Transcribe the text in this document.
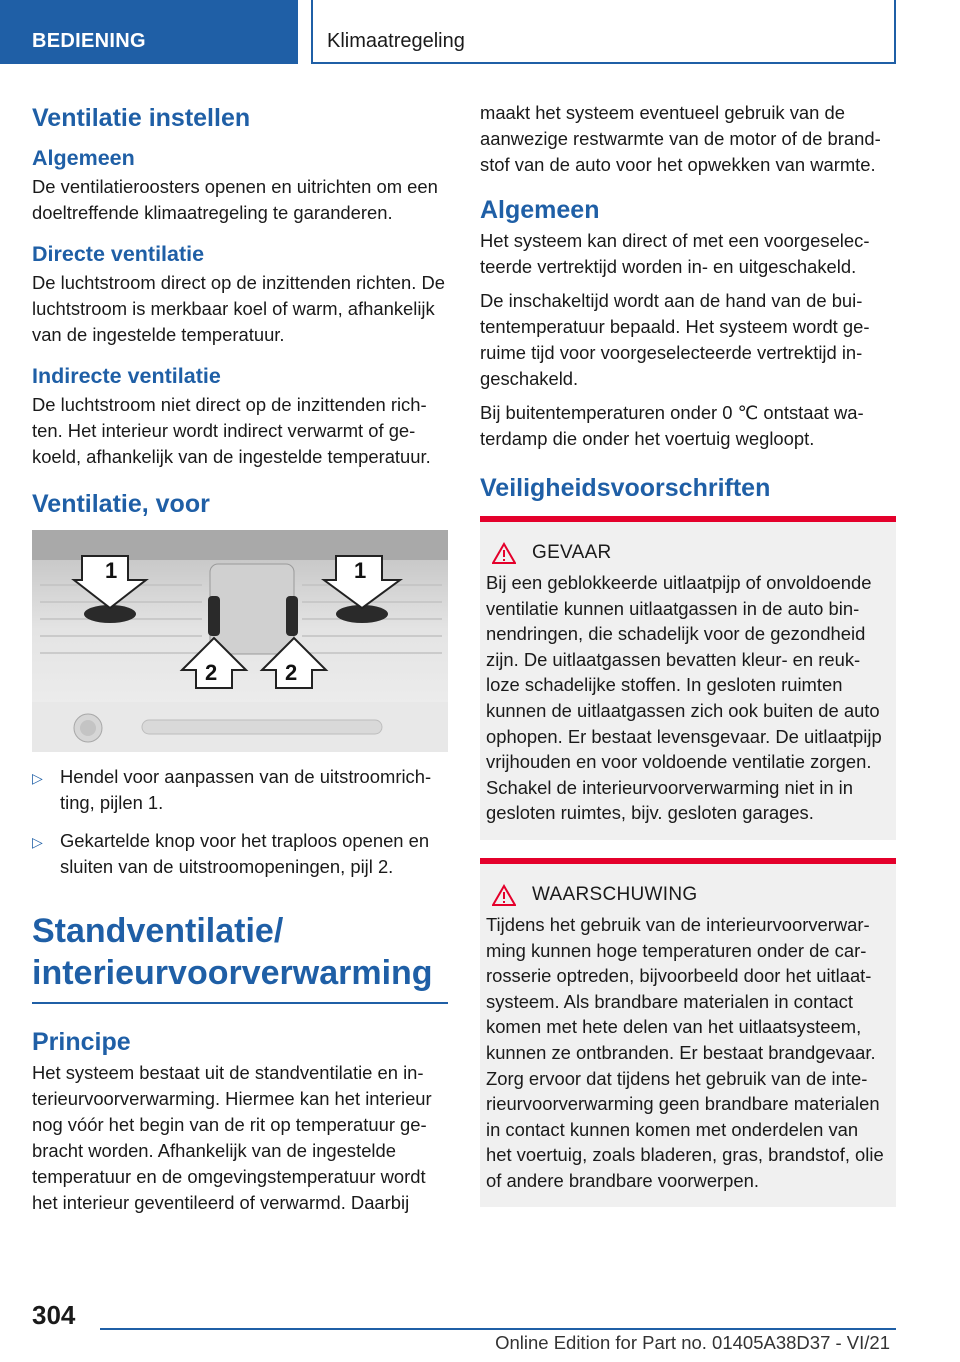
BEDIENING	Klimaatregeling
Ventilatie instellen
Algemeen

De ventilatieroosters openen en uitrichten om een doeltreffende klimaatregeling te garanderen.

Directe ventilatie

De luchtstroom direct op de inzittenden richten. De luchtstroom is merkbaar koel of warm, afhankelijk van de ingestelde temperatuur.

Indirecte ventilatie

De luchtstroom niet direct op de inzittenden richten. Het interieur wordt indirect verwarmt of gekoeld, afhankelijk van de ingestelde temperatuur.

Ventilatie, voor
1	1
2	2
▷ Hendel voor aanpassen van de uitstroomrichting, pijlen 1.
▷ Gekartelde knop voor het traploos openen en sluiten van de uitstroomopeningen, pijl 2.
Standventilatie/
interieurvoorverwarming
Principe

Het systeem bestaat uit de standventilatie en interieurvoorverwarming. Hiermee kan het interieur nog vóór het begin van de rit op temperatuur gebracht worden. Afhankelijk van de ingestelde temperatuur en de omgevingstemperatuur wordt het interieur geventileerd of verwarmd. Daarbij

maakt het systeem eventueel gebruik van de aanwezige restwarmte van de motor of de brandstof van de auto voor het opwekken van warmte.

Algemeen

Het systeem kan direct of met een voorgeselecteerde vertrektijd worden in- en uitgeschakeld.

De inschakeltijd wordt aan de hand van de buitentemperatuur bepaald. Het systeem wordt geruime tijd voor voorgeselecteerde vertrektijd ingeschakeld.

Bij buitentemperaturen onder 0 ℃ ontstaat waterdamp die onder het voertuig wegloopt.

Veiligheidsvoorschriften
GEVAAR

Bij een geblokkeerde uitlaatpijp of onvoldoende ventilatie kunnen uitlaatgassen in de auto binnendringen, die schadelijk voor de gezondheid zijn. De uitlaatgassen bevatten kleur- en reukloze schadelijke stoffen. In gesloten ruimten kunnen de uitlaatgassen zich ook buiten de auto ophopen. Er bestaat levensgevaar. De uitlaatpijp vrijhouden en voor voldoende ventilatie zorgen. Schakel de interieurvoorverwarming niet in in gesloten ruimtes, bijv. gesloten garages.

WAARSCHUWING

Tijdens het gebruik van de interieurvoorverwarming kunnen hoge temperaturen onder de carrosserie optreden, bijvoorbeeld door het uitlaatsysteem. Als brandbare materialen in contact komen met hete delen van het uitlaatsysteem, kunnen ze ontbranden. Er bestaat brandgevaar. Zorg ervoor dat tijdens het gebruik van de interieurvoorverwarming geen brandbare materialen in contact kunnen komen met onderdelen van het voertuig, zoals bladeren, gras, brandstof, olie of andere brandbare voorwerpen.

304
Online Edition for Part no. 01405A38D37 - VI/21
